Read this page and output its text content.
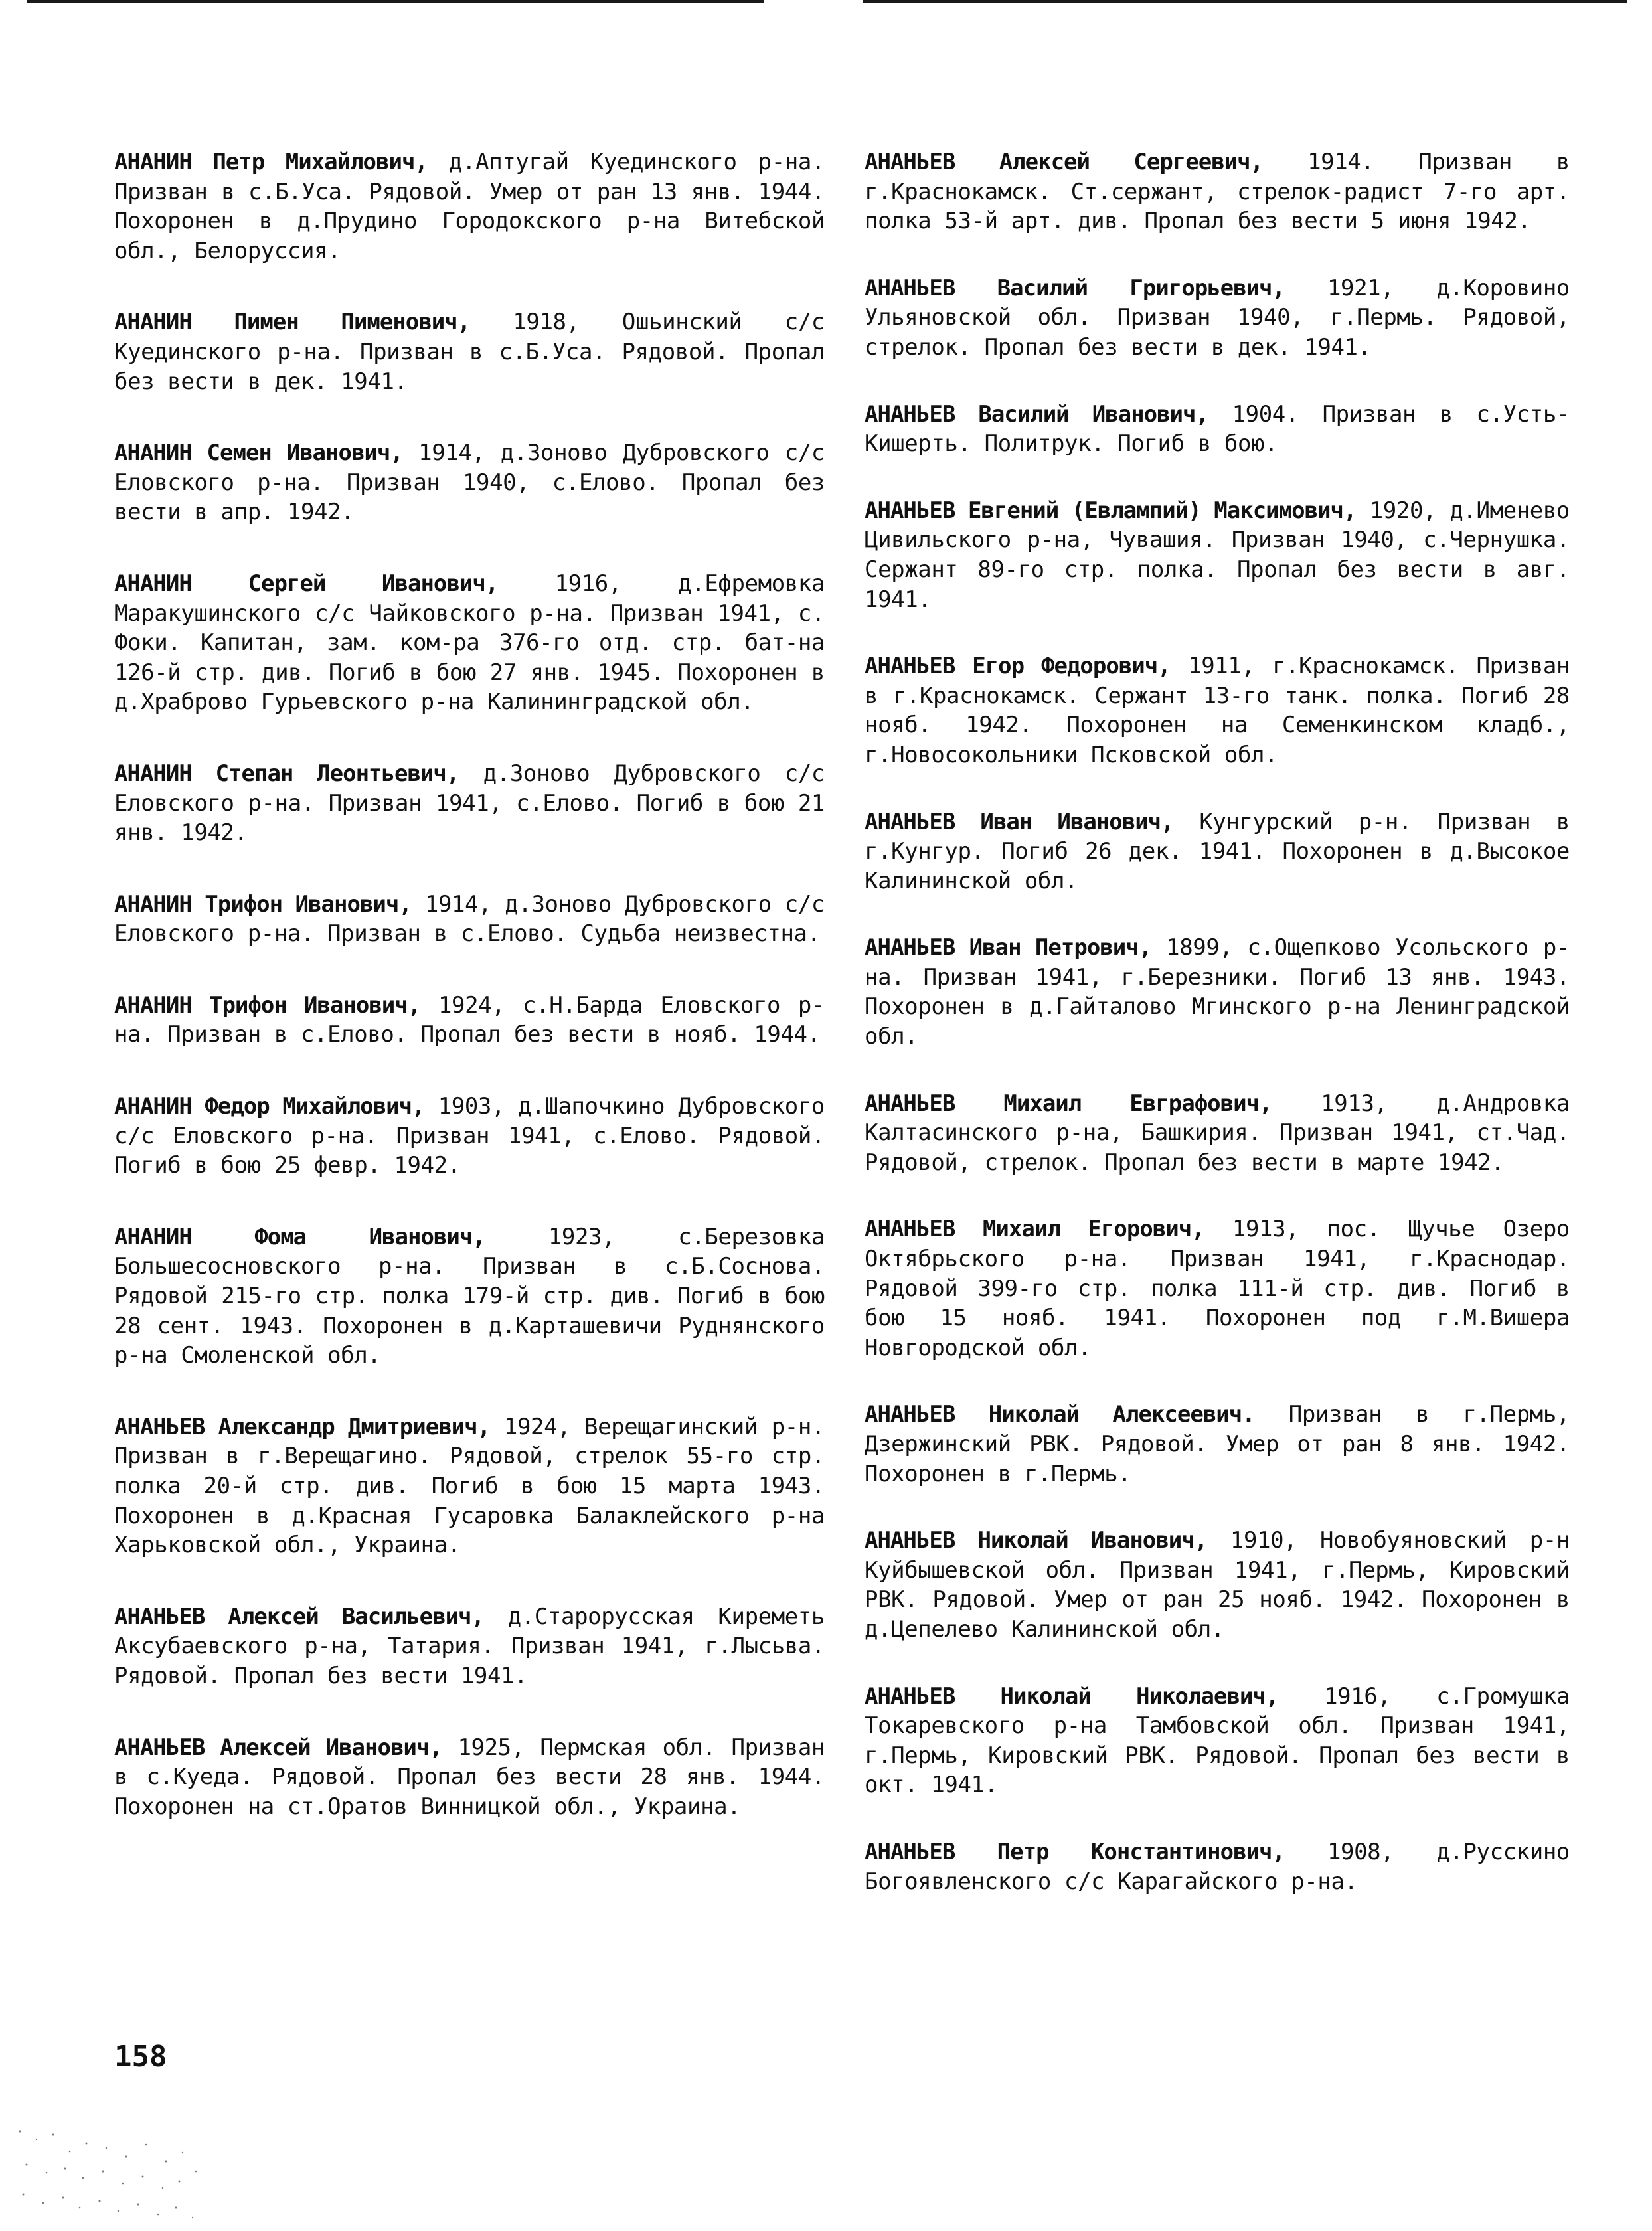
АНАНИН Петр Михайлович, д.Аптугай Куединского р-на. Призван в с.Б.Уса. Рядовой. Умер от ран 13 янв. 1944. Похоронен в д.Прудино Городокского р-на Витебской обл., Белоруссия.

АНАНИН Пимен Пименович, 1918, Ошьинский с/с Куединского р-на. Призван в с.Б.Уса. Рядовой. Пропал без вести в дек. 1941.

АНАНИН Семен Иванович, 1914, д.Зоново Дубровского с/с Еловского р-на. Призван 1940, с.Елово. Пропал без вести в апр. 1942.

АНАНИН Сергей Иванович, 1916, д.Ефремовка Маракушинского с/с Чайковского р-на. Призван 1941, с. Фоки. Капитан, зам. ком-ра 376-го отд. стр. бат-на 126-й стр. див. Погиб в бою 27 янв. 1945. Похоронен в д.Храброво Гурьевского р-на Калининградской обл.

АНАНИН Степан Леонтьевич, д.Зоново Дубровского с/с Еловского р-на. Призван 1941, с.Елово. Погиб в бою 21 янв. 1942.

АНАНИН Трифон Иванович, 1914, д.Зоново Дубровского с/с Еловского р-на. Призван в с.Елово. Судьба неизвестна.

АНАНИН Трифон Иванович, 1924, с.Н.Барда Еловского р-на. Призван в с.Елово. Пропал без вести в нояб. 1944.

АНАНИН Федор Михайлович, 1903, д.Шапочкино Дубровского с/с Еловского р-на. Призван 1941, с.Елово. Рядовой. Погиб в бою 25 февр. 1942.

АНАНИН Фома Иванович, 1923, с.Березовка Большесосновского р-на. Призван в с.Б.Соснова. Рядовой 215-го стр. полка 179-й стр. див. Погиб в бою 28 сент. 1943. Похоронен в д.Карташевичи Руднянского р-на Смоленской обл.

АНАНЬЕВ Александр Дмитриевич, 1924, Верещагинский р-н. Призван в г.Верещагино. Рядовой, стрелок 55-го стр. полка 20-й стр. див. Погиб в бою 15 марта 1943. Похоронен в д.Красная Гусаровка Балаклейского р-на Харьковской обл., Украина.

АНАНЬЕВ Алексей Васильевич, д.Старорусская Киреметь Аксубаевского р-на, Татария. Призван 1941, г.Лысьва. Рядовой. Пропал без вести 1941.

АНАНЬЕВ Алексей Иванович, 1925, Пермская обл. Призван в с.Куеда. Рядовой. Пропал без вести 28 янв. 1944. Похоронен на ст.Оратов Винницкой обл., Украина.

АНАНЬЕВ Алексей Сергеевич, 1914. Призван в г.Краснокамск. Ст.сержант, стрелок-радист 7-го арт. полка 53-й арт. див. Пропал без вести 5 июня 1942.

АНАНЬЕВ Василий Григорьевич, 1921, д.Коровино Ульяновской обл. Призван 1940, г.Пермь. Рядовой, стрелок. Пропал без вести в дек. 1941.

АНАНЬЕВ Василий Иванович, 1904. Призван в с.Усть-Кишерть. Политрук. Погиб в бою.

АНАНЬЕВ Евгений (Евлампий) Максимович, 1920, д.Именево Цивильского р-на, Чувашия. Призван 1940, с.Чернушка. Сержант 89-го стр. полка. Пропал без вести в авг. 1941.

АНАНЬЕВ Егор Федорович, 1911, г.Краснокамск. Призван в г.Краснокамск. Сержант 13-го танк. полка. Погиб 28 нояб. 1942. Похоронен на Семенкинском кладб., г.Новосокольники Псковской обл.

АНАНЬЕВ Иван Иванович, Кунгурский р-н. Призван в г.Кунгур. Погиб 26 дек. 1941. Похоронен в д.Высокое Калининской обл.

АНАНЬЕВ Иван Петрович, 1899, с.Ощепково Усольского р-на. Призван 1941, г.Березники. Погиб 13 янв. 1943. Похоронен в д.Гайталово Мгинского р-на Ленинградской обл.

АНАНЬЕВ Михаил Евграфович, 1913, д.Андровка Калтасинского р-на, Башкирия. Призван 1941, ст.Чад. Рядовой, стрелок. Пропал без вести в марте 1942.

АНАНЬЕВ Михаил Егорович, 1913, пос. Щучье Озеро Октябрьского р-на. Призван 1941, г.Краснодар. Рядовой 399-го стр. полка 111-й стр. див. Погиб в бою 15 нояб. 1941. Похоронен под г.М.Вишера Новгородской обл.

АНАНЬЕВ Николай Алексеевич. Призван в г.Пермь, Дзержинский РВК. Рядовой. Умер от ран 8 янв. 1942. Похоронен в г.Пермь.

АНАНЬЕВ Николай Иванович, 1910, Новобуяновский р-н Куйбышевской обл. Призван 1941, г.Пермь, Кировский РВК. Рядовой. Умер от ран 25 нояб. 1942. Похоронен в д.Цепелево Калининской обл.

АНАНЬЕВ Николай Николаевич, 1916, с.Громушка Токаревского р-на Тамбовской обл. Призван 1941, г.Пермь, Кировский РВК. Рядовой. Пропал без вести в окт. 1941.

АНАНЬЕВ Петр Константинович, 1908, д.Русскино Богоявленского с/с Карагайского р-на.

158
